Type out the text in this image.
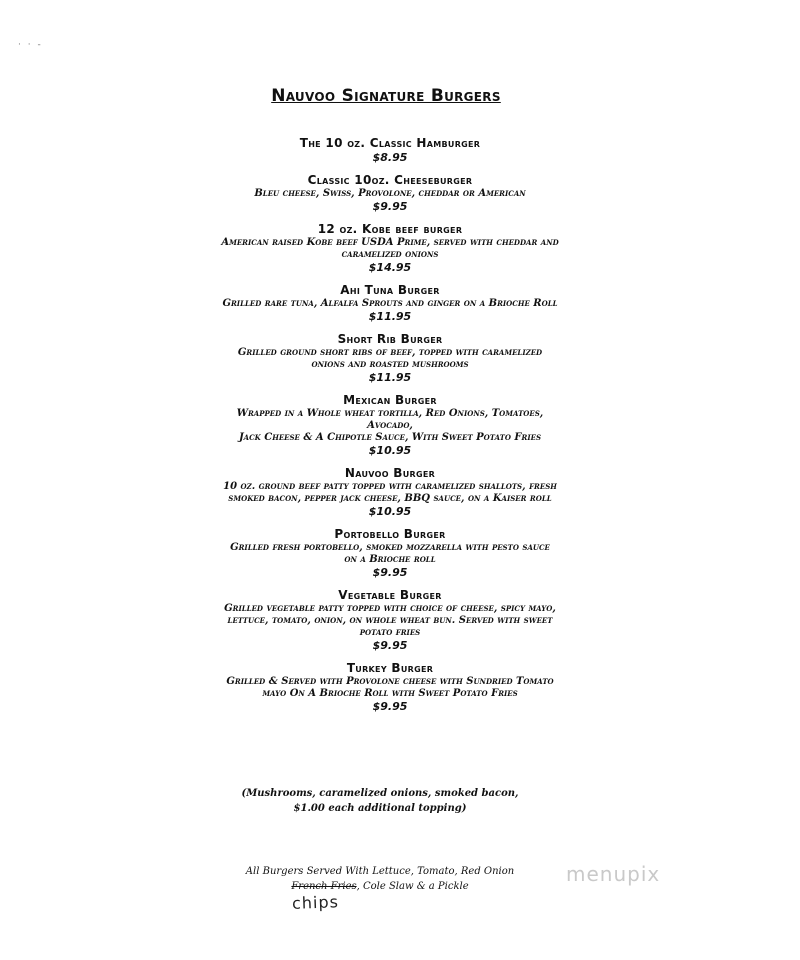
· · ‐
Nauvoo Signature Burgers
The 10 oz. Classic Hamburger
$8.95
Classic 10oz. Cheeseburger
Bleu cheese, Swiss, Provolone, cheddar or American
$9.95
12 oz. Kobe beef burger
American raised Kobe beef USDA Prime, served with cheddar and
caramelized onions
$14.95
Ahi Tuna Burger
Grilled rare tuna, Alfalfa Sprouts and ginger on a Brioche Roll
$11.95
Short Rib Burger
Grilled ground short ribs of beef, topped with caramelized
onions and roasted mushrooms
$11.95
Mexican Burger
Wrapped in a Whole wheat tortilla, Red Onions, Tomatoes,
Avocado,
Jack Cheese & A Chipotle Sauce, With Sweet Potato Fries
$10.95
Nauvoo Burger
10 oz. ground beef patty topped with caramelized shallots, fresh
smoked bacon, pepper jack cheese, BBQ sauce, on a Kaiser roll
$10.95
Portobello Burger
Grilled fresh portobello, smoked mozzarella with pesto sauce
on a Brioche roll
$9.95
Vegetable Burger
Grilled vegetable patty topped with choice of cheese, spicy mayo,
lettuce, tomato, onion, on whole wheat bun. Served with sweet
potato fries
$9.95
Turkey Burger
Grilled & Served with Provolone cheese with Sundried Tomato
mayo On A Brioche Roll with Sweet Potato Fries
$9.95
(Mushrooms, caramelized onions, smoked bacon,
$1.00 each additional topping)
All Burgers Served With Lettuce, Tomato, Red Onion
French Fries, Cole Slaw & a Pickle
chips
menupix
